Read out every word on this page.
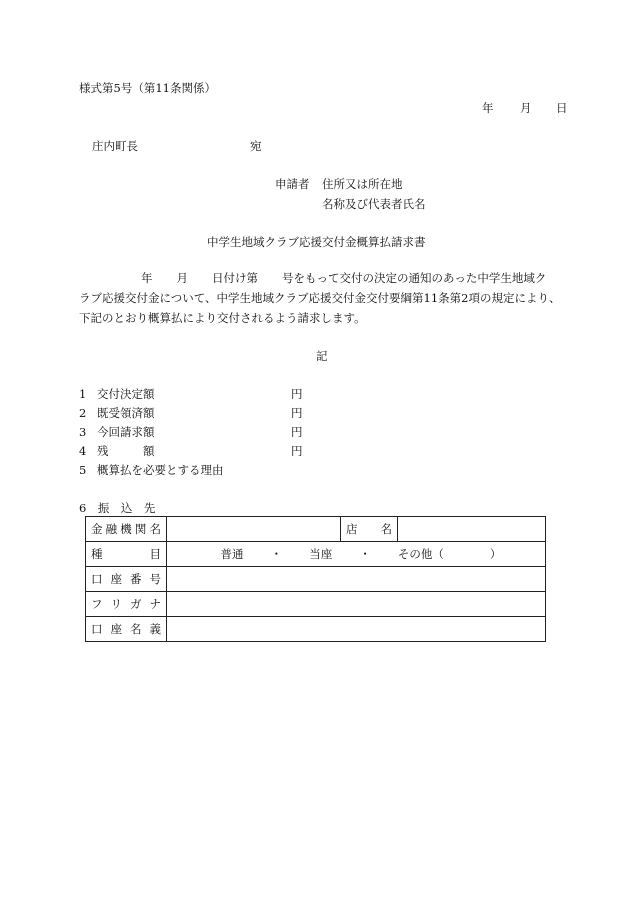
様式第5号（第11条関係）
年 月 日
庄内町長	宛
申請者 住所又は所在地
名称及び代表者氏名
中学生地域クラブ応援交付金概算払請求書
年 月 日付け第 号をもって交付の決定の通知のあった中学生地域ク
ラブ応援交付金について、中学生地域クラブ応援交付金交付要綱第11条第2項の規定により、
下記のとおり概算払により交付されるよう請求します。
記
1 交付決定額	円
2 既受領済額	円
3 今回請求額	円
4 残　　　額	円
5 概算払を必要とする理由
6　振　込　先
金 融 機 関 名		店　　名	

種 目	普通 ・ 当座 ・ その他（　　　　）		

口 座 番 号			

フ リ ガ ナ			

口 座 名 義			
